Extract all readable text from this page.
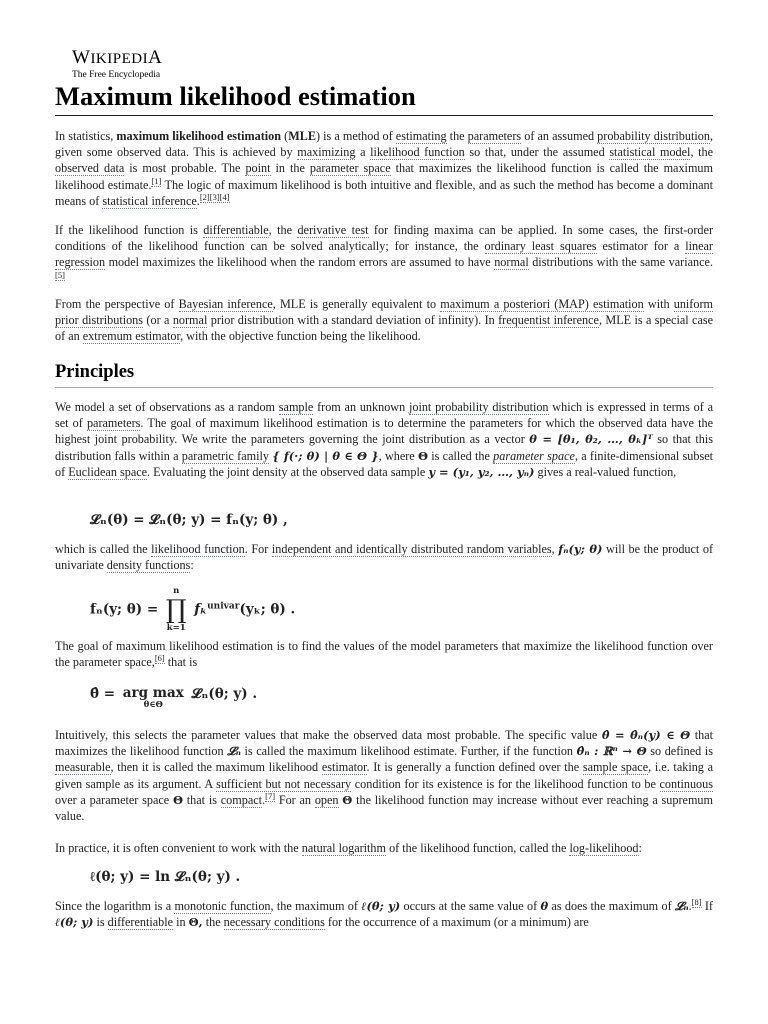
WIKIPEDIA
The Free Encyclopedia
Maximum likelihood estimation

In statistics, maximum likelihood estimation (MLE) is a method of estimating the parameters of an assumed probability distribution, given some observed data. This is achieved by maximizing a likelihood function so that, under the assumed statistical model, the observed data is most probable. The point in the parameter space that maximizes the likelihood function is called the maximum likelihood estimate.[1] The logic of maximum likelihood is both intuitive and flexible, and as such the method has become a dominant means of statistical inference.[2][3][4]

If the likelihood function is differentiable, the derivative test for finding maxima can be applied. In some cases, the first-order conditions of the likelihood function can be solved analytically; for instance, the ordinary least squares estimator for a linear regression model maximizes the likelihood when the random errors are assumed to have normal distributions with the same variance.[5]

From the perspective of Bayesian inference, MLE is generally equivalent to maximum a posteriori (MAP) estimation with uniform prior distributions (or a normal prior distribution with a standard deviation of infinity). In frequentist inference, MLE is a special case of an extremum estimator, with the objective function being the likelihood.

Principles

We model a set of observations as a random sample from an unknown joint probability distribution which is expressed in terms of a set of parameters. The goal of maximum likelihood estimation is to determine the parameters for which the observed data have the highest joint probability. We write the parameters governing the joint distribution as a vector θ = [θ₁, θ₂, …, θₖ]ᵀ so that this distribution falls within a parametric family { f(·; θ) | θ ∈ Θ }, where Θ is called the parameter space, a finite-dimensional subset of Euclidean space. Evaluating the joint density at the observed data sample y = (y₁, y₂, …, yₙ) gives a real-valued function,

𝓛ₙ(θ) = 𝓛ₙ(θ; y) = fₙ(y; θ) ,

which is called the likelihood function. For independent and identically distributed random variables, fₙ(y; θ) will be the product of univariate density functions:

fₙ(y; θ) =
n
∏
k=1
fₖ$^{univar}$(yₖ; θ) .

The goal of maximum likelihood estimation is to find the values of the model parameters that maximize the likelihood function over the parameter space,[6] that is

θ̂ = arg max
θ∈Θ
𝓛ₙ(θ; y) .

Intuitively, this selects the parameter values that make the observed data most probable. The specific value θ̂ = θ̂ₙ(y) ∈ Θ that maximizes the likelihood function 𝓛ₙ is called the maximum likelihood estimate. Further, if the function θ̂ₙ : ℝⁿ → Θ so defined is measurable, then it is called the maximum likelihood estimator. It is generally a function defined over the sample space, i.e. taking a given sample as its argument. A sufficient but not necessary condition for its existence is for the likelihood function to be continuous over a parameter space Θ that is compact.[7] For an open Θ the likelihood function may increase without ever reaching a supremum value.

In practice, it is often convenient to work with the natural logarithm of the likelihood function, called the log-likelihood:

ℓ(θ; y) = ln 𝓛ₙ(θ; y) .

Since the logarithm is a monotonic function, the maximum of ℓ(θ; y) occurs at the same value of θ as does the maximum of 𝓛ₙ.[8] If ℓ(θ; y) is differentiable in Θ, the necessary conditions for the occurrence of a maximum (or a minimum) are
